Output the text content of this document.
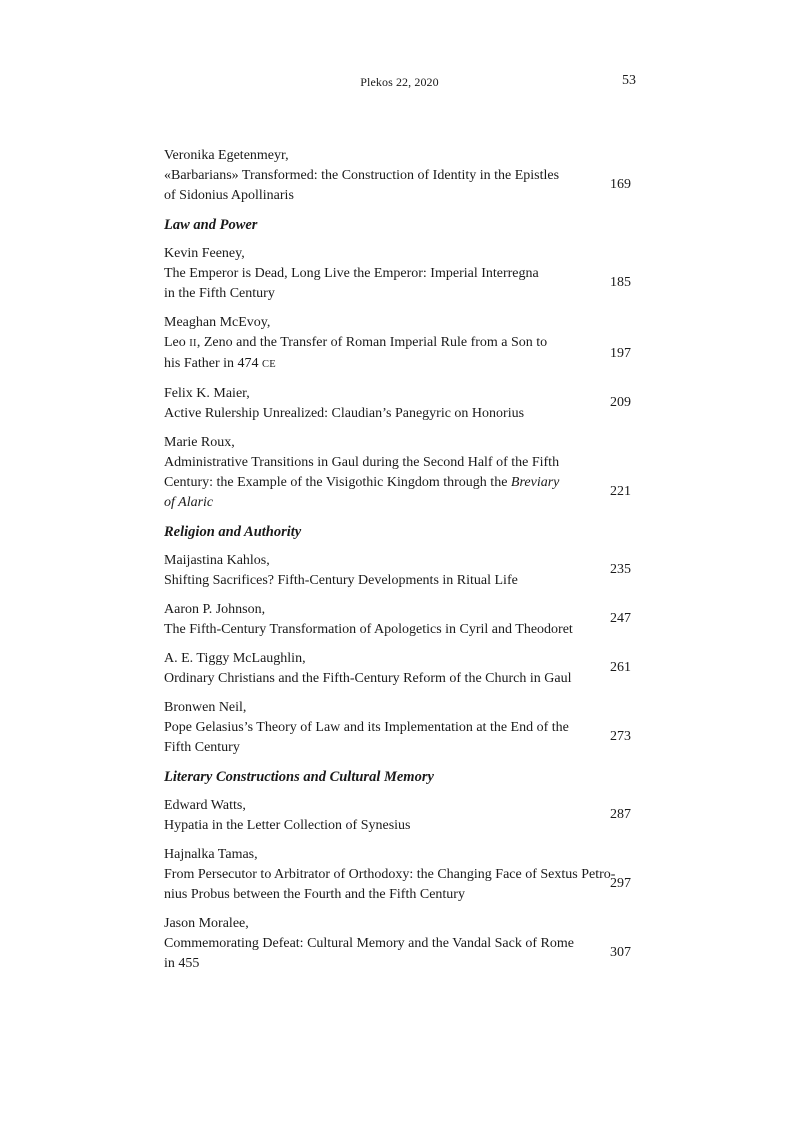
Plekos 22, 2020	53
Veronika Egetenmeyr,
«Barbarians» Transformed: the Construction of Identity in the Epistles
of Sidonius Apollinaris
169
Law and Power
Kevin Feeney,
The Emperor is Dead, Long Live the Emperor: Imperial Interregna
in the Fifth Century
185
Meaghan McEvoy,
Leo II, Zeno and the Transfer of Roman Imperial Rule from a Son to
his Father in 474 CE
197
Felix K. Maier,
Active Rulership Unrealized: Claudian’s Panegyric on Honorius
209
Marie Roux,
Administrative Transitions in Gaul during the Second Half of the Fifth
Century: the Example of the Visigothic Kingdom through the Breviary
of Alaric
221
Religion and Authority
Maijastina Kahlos,
Shifting Sacrifices? Fifth-Century Developments in Ritual Life
235
Aaron P. Johnson,
The Fifth-Century Transformation of Apologetics in Cyril and Theodoret
247
A. E. Tiggy McLaughlin,
Ordinary Christians and the Fifth-Century Reform of the Church in Gaul
261
Bronwen Neil,
Pope Gelasius’s Theory of Law and its Implementation at the End of the
Fifth Century
273
Literary Constructions and Cultural Memory
Edward Watts,
Hypatia in the Letter Collection of Synesius
287
Hajnalka Tamas,
From Persecutor to Arbitrator of Orthodoxy: the Changing Face of Sextus Petro-
nius Probus between the Fourth and the Fifth Century
297
Jason Moralee,
Commemorating Defeat: Cultural Memory and the Vandal Sack of Rome
in 455
307
